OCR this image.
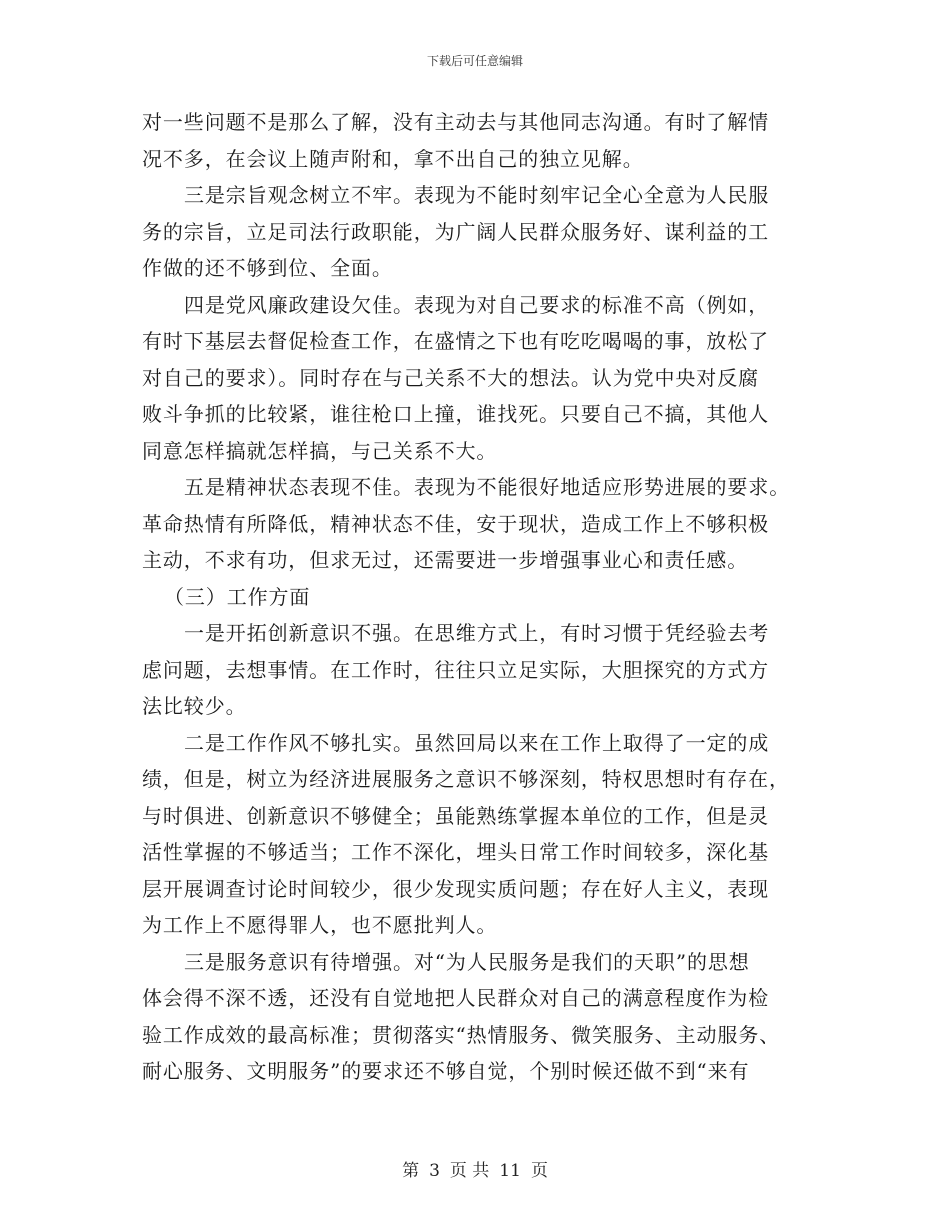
下载后可任意编辑
对一些问题不是那么了解，没有主动去与其他同志沟通。有时了解情
况不多，在会议上随声附和，拿不出自己的独立见解。
三是宗旨观念树立不牢。表现为不能时刻牢记全心全意为人民服
务的宗旨，立足司法行政职能，为广阔人民群众服务好、谋利益的工
作做的还不够到位、全面。
四是党风廉政建设欠佳。表现为对自己要求的标准不高（例如，
有时下基层去督促检查工作，在盛情之下也有吃吃喝喝的事，放松了
对自己的要求）。同时存在与己关系不大的想法。认为党中央对反腐
败斗争抓的比较紧，谁往枪口上撞，谁找死。只要自己不搞，其他人
同意怎样搞就怎样搞，与己关系不大。
五是精神状态表现不佳。表现为不能很好地适应形势进展的要求。
革命热情有所降低，精神状态不佳，安于现状，造成工作上不够积极
主动，不求有功，但求无过，还需要进一步增强事业心和责任感。
（三）工作方面
一是开拓创新意识不强。在思维方式上，有时习惯于凭经验去考
虑问题，去想事情。在工作时，往往只立足实际，大胆探究的方式方
法比较少。
二是工作作风不够扎实。虽然回局以来在工作上取得了一定的成
绩，但是，树立为经济进展服务之意识不够深刻，特权思想时有存在，
与时俱进、创新意识不够健全；虽能熟练掌握本单位的工作，但是灵
活性掌握的不够适当；工作不深化，埋头日常工作时间较多，深化基
层开展调查讨论时间较少，很少发现实质问题；存在好人主义，表现
为工作上不愿得罪人，也不愿批判人。
三是服务意识有待增强。对“为人民服务是我们的天职”的思想
体会得不深不透，还没有自觉地把人民群众对自己的满意程度作为检
验工作成效的最高标准；贯彻落实“热情服务、微笑服务、主动服务、
耐心服务、文明服务”的要求还不够自觉，个别时候还做不到“来有
第 3 页 共 11 页
